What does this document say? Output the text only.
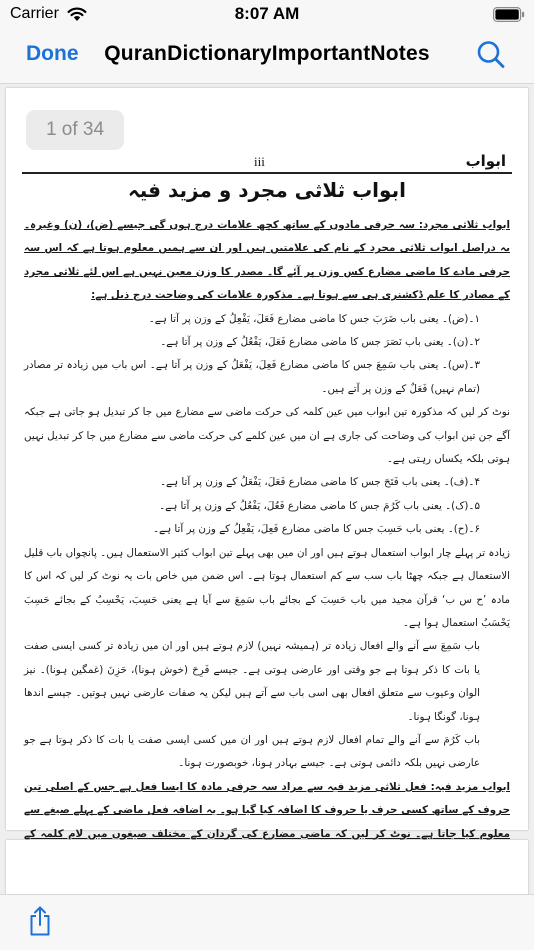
Carrier	8:07 AM
Done	QuranDictionaryImportantNotes
1 of 34
ابواب
iii
ابواب ثلاثی مجرد و مزید فیہ

ابواب ثلاثی مجرد: سہ حرفی مادوں کے ساتھ کچھ علامات درج ہوں گی جیسے (ض)، (ن) وغیرہ۔ یہ دراصل ابواب ثلاثی مجرد کے نام کی علامتیں ہیں اور ان سے ہمیں معلوم ہوتا ہے کہ اس سہ حرفی مادے کا ماضی مضارع کس وزن پر آئے گا۔ مصدر کا وزن معین نہیں ہے اس لئے ثلاثی مجرد کے مصادر کا علم ڈکشنری ہی سے ہوتا ہے۔ مذکورہ علامات کی وضاحت درج ذیل ہے:

۱۔(ض)۔ یعنی باب ضَرَبَ جس کا ماضی مضارع فَعَلَ، یَفْعِلُ کے وزن پر آتا ہے۔

۲۔(ن)۔ یعنی باب نَصَرَ جس کا ماضی مضارع فَعَلَ، یَفْعُلُ کے وزن پر آتا ہے۔

۳۔(س)۔ یعنی باب سَمِعَ جس کا ماضی مضارع فَعِلَ، یَفْعَلُ کے وزن پر آتا ہے۔ اس باب میں زیادہ تر مصادر (تمام نہیں) فَعَلٌ کے وزن پر آتے ہیں۔

نوٹ کر لیں کہ مذکورہ تین ابواب میں عین کلمہ کی حرکت ماضی سے مضارع میں جا کر تبدیل ہو جاتی ہے جبکہ آگے جن تین ابواب کی وضاحت کی جاری ہے ان میں عین کلمے کی حرکت ماضی سے مضارع میں جا کر تبدیل نہیں ہوتی بلکہ یکساں رہتی ہے۔

۴۔(ف)۔ یعنی باب فَتَحَ جس کا ماضی مضارع فَعَلَ، یَفْعَلُ کے وزن پر آتا ہے۔

۵۔(ک)۔ یعنی باب کَرُمَ جس کا ماضی مضارع فَعُلَ، یَفْعُلُ کے وزن پر آتا ہے۔

۶۔(ح)۔ یعنی باب حَسِبَ جس کا ماضی مضارع فَعِلَ، یَفْعِلُ کے وزن پر آتا ہے۔

زیادہ تر پہلے چار ابواب استعمال ہوتے ہیں اور ان میں بھی پہلے تین ابواب کثیر الاستعمال ہیں۔ پانچواں باب قلیل الاستعمال ہے جبکہ چھٹا باب سب سے کم استعمال ہوتا ہے۔ اس ضمن میں خاص بات یہ نوٹ کر لیں کہ اس کا مادہ ’ح س ب‘ قرآن مجید میں باب حَسِبَ کے بجائے باب سَمِعَ سے آیا ہے یعنی حَسِبَ، یَحْسِبُ کے بجائے حَسِبَ یَحْسَبُ استعمال ہوا ہے۔

باب سَمِعَ سے آنے والے افعال زیادہ تر (ہمیشہ نہیں) لازم ہوتے ہیں اور ان میں زیادہ تر کسی ایسی صفت یا بات کا ذکر ہوتا ہے جو وقتی اور عارضی ہوتی ہے۔ جیسے فَرِحَ (خوش ہونا)، حَزِنَ (غمگین ہونا)۔ نیز الوان وعیوب سے متعلق افعال بھی اسی باب سے آتے ہیں لیکن یہ صفات عارضی نہیں ہوتیں۔ جیسے اندھا ہونا، گونگا ہونا۔

باب کَرُمَ سے آنے والے تمام افعال لازم ہوتے ہیں اور ان میں کسی ایسی صفت یا بات کا ذکر ہوتا ہے جو عارضی نہیں بلکہ دائمی ہوتی ہے۔ جیسے بہادر ہونا، خوبصورت ہونا۔

ابواب مزید فیہ: فعل ثلاثی مزید فیہ سے مراد سہ حرفی مادہ کا ایسا فعل ہے جس کے اصلی تین حروف کے ساتھ کسی حرف یا حروف کا اضافہ کیا گیا ہو۔ یہ اضافہ فعل ماضی کے پہلے صیغے سے معلوم کیا جاتا ہے۔ نوٹ کر لیں کہ ماضی مضارع کی گردان کے مختلف صیغوں میں لام کلمہ کے
